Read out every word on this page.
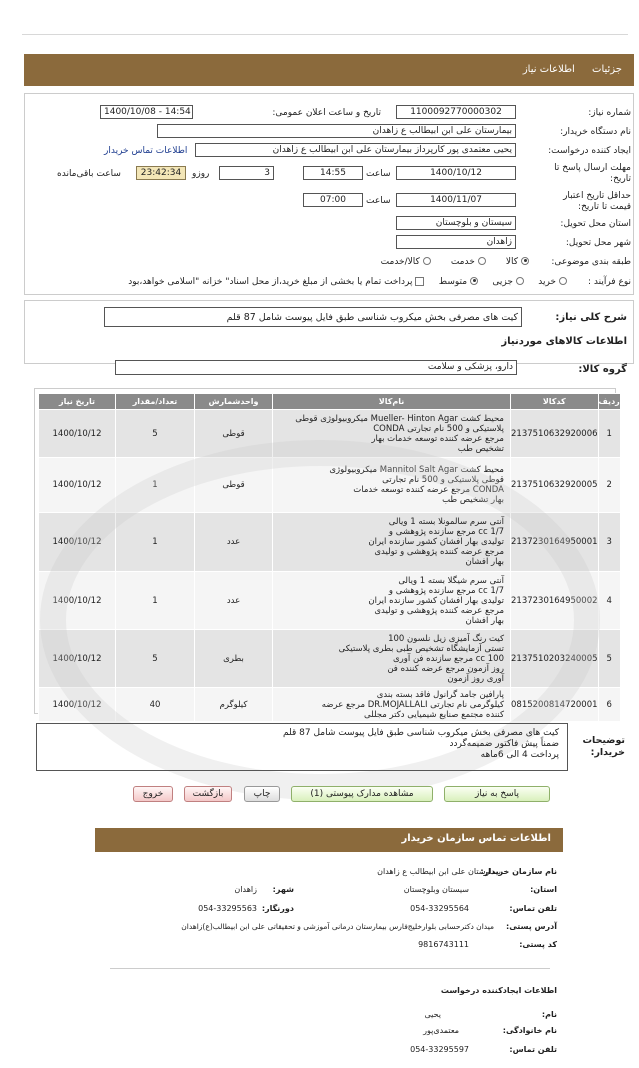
جزئیات اطلاعات نیاز
شماره نیاز:
1100092770000302
تاریخ و ساعت اعلان عمومی:
1400/10/08 - 14:54
نام دستگاه خریدار:
بیمارستان علی ابن ابیطالب ع زاهدان
ایجاد کننده درخواست:
یحیی معتمدی پور کارپرداز بیمارستان علی ابن ابیطالب ع زاهدان
اطلاعات تماس خریدار
مهلت ارسال پاسخ تا تاریخ:
1400/10/12
ساعت
14:55
3
روزو
23:42:34
ساعت باقی‌مانده
حداقل تاریخ اعتبار قیمت تا تاریخ:
1400/11/07
ساعت
07:00
استان محل تحویل:
سیستان و بلوچستان
شهر محل تحویل:
زاهدان
طبقه بندی موضوعی:
کالا       خدمت       کالا/خدمت
نوع فرآیند :
خرید     جزیی     متوسط     پرداخت تمام یا بخشی از مبلغ خرید،از محل اسناد" خزانه "اسلامی خواهد،بود
شرح کلی نیاز:
کیت های مصرفی بخش میکروب شناسی طبق فایل پیوست شامل 87 قلم
اطلاعات کالاهای موردنیاز
گروه کالا:
دارو، پزشکی و سلامت
ردیف	کدکالا	نام‌کالا	واحدشمارش	تعداد/مقدار	تاریخ نیاز
1	2137510632920006	محیط کشت Mueller- Hinton Agar میکروبیولوژی قوطی
پلاستیکی و 500 نام تجارتی CONDA
مرجع عرضه کننده توسعه خدمات بهار
تشخیص طب	قوطی	5	1400/10/12
2	2137510632920005	محیط کشت Mannitol Salt Agar میکروبیولوژی
قوطی پلاستیکی و 500 نام تجارتی
CONDA مرجع عرضه کننده توسعه خدمات
بهار تشخیص طب	قوطی	1	1400/10/12
3	2137230164950001	آنتی سرم سالمونلا بسته 1 ویالی
cc 1/7 مرجع سازنده پژوهشی و
تولیدی بهار افشان کشور سازنده ایران
مرجع عرضه کننده پژوهشی و تولیدی
بهار افشان	عدد	1	1400/10/12
4	2137230164950002	آنتی سرم شیگلا بسته 1 ویالی
cc 1/7 مرجع سازنده پژوهشی و
تولیدی بهار افشان کشور سازنده ایران
مرجع عرضه کننده پژوهشی و تولیدی
بهار افشان	عدد	1	1400/10/12
5	2137510203240005	کیت رنگ آمیزی زیل نلسون 100
تستی آزمایشگاه تشخیص طبی بطری پلاستیکی
100 cc مرجع سازنده فن آوری
روز آزمون مرجع عرضه کننده فن
آوری روز آزمون	بطری	5	1400/10/12
6	0815200814720001	پارافین جامد گرانول فاقد بسته بندی
کیلوگرمی نام تجارتی DR.MOJALLALI مرجع عرضه
کننده مجتمع صنایع شیمیایی دکتر مجللی	کیلوگرم	40	1400/10/12
توضیحات خریدار:
کیت های مصرفی بخش میکروب شناسی طبق فایل پیوست شامل 87 قلم
ضمناً پیش فاکتور ضمیمه‌گردد
پرداخت 4 الی 6ماهه
پاسخ به نیاز
مشاهده مدارک پیوستی (1)
چاپ
بازگشت
خروج
اطلاعات تماس سازمان خریدار
نام سازمان خریدار:
بیمارستان علی ابن ابیطالب ع زاهدان
استان:
سیستان وبلوچستان
شهر:
زاهدان
تلفن تماس:
054-33295564
دورنگار:
054-33295563
آدرس پستی:
میدان دکترحسابی بلوارخلیج‌فارس بیمارستان درمانی آموزشی و تحقیقاتی علی ابن ابیطالب(ع)زاهدان
کد پستی:
9816743111
اطلاعات ایجادکننده درخواست
نام:
یحیی
نام خانوادگی:
معتمدی‌پور
تلفن تماس:
054-33295597
